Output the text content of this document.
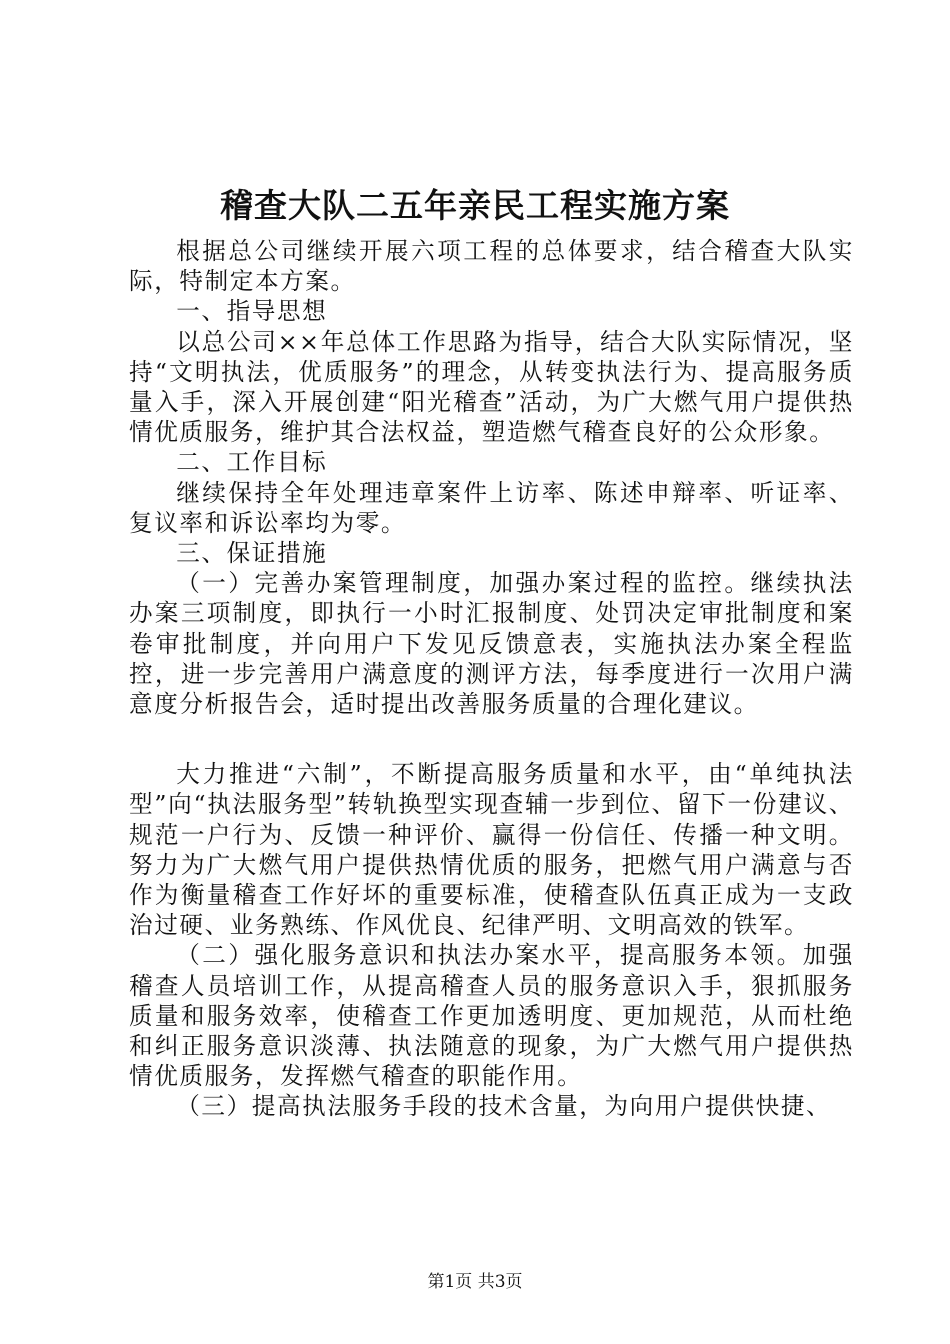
稽查大队二五年亲民工程实施方案

根据总公司继续开展六项工程的总体要求，结合稽查大队实际，特制定本方案。

一、指导思想

以总公司××年总体工作思路为指导，结合大队实际情况，坚持“文明执法，优质服务”的理念，从转变执法行为、提高服务质量入手，深入开展创建“阳光稽查”活动，为广大燃气用户提供热情优质服务，维护其合法权益，塑造燃气稽查良好的公众形象。

二、工作目标

继续保持全年处理违章案件上访率、陈述申辩率、听证率、复议率和诉讼率均为零。

三、保证措施

（一）完善办案管理制度，加强办案过程的监控。继续执法办案三项制度，即执行一小时汇报制度、处罚决定审批制度和案卷审批制度，并向用户下发见反馈意表，实施执法办案全程监控，进一步完善用户满意度的测评方法，每季度进行一次用户满意度分析报告会，适时提出改善服务质量的合理化建议。

大力推进“六制”，不断提高服务质量和水平，由“单纯执法型”向“执法服务型”转轨换型实现查辅一步到位、留下一份建议、规范一户行为、反馈一种评价、赢得一份信任、传播一种文明。努力为广大燃气用户提供热情优质的服务，把燃气用户满意与否作为衡量稽查工作好坏的重要标准，使稽查队伍真正成为一支政治过硬、业务熟练、作风优良、纪律严明、文明高效的铁军。

（二）强化服务意识和执法办案水平，提高服务本领。加强稽查人员培训工作，从提高稽查人员的服务意识入手，狠抓服务质量和服务效率，使稽查工作更加透明度、更加规范，从而杜绝和纠正服务意识淡薄、执法随意的现象，为广大燃气用户提供热情优质服务，发挥燃气稽查的职能作用。

（三）提高执法服务手段的技术含量，为向用户提供快捷、

第1页 共3页
